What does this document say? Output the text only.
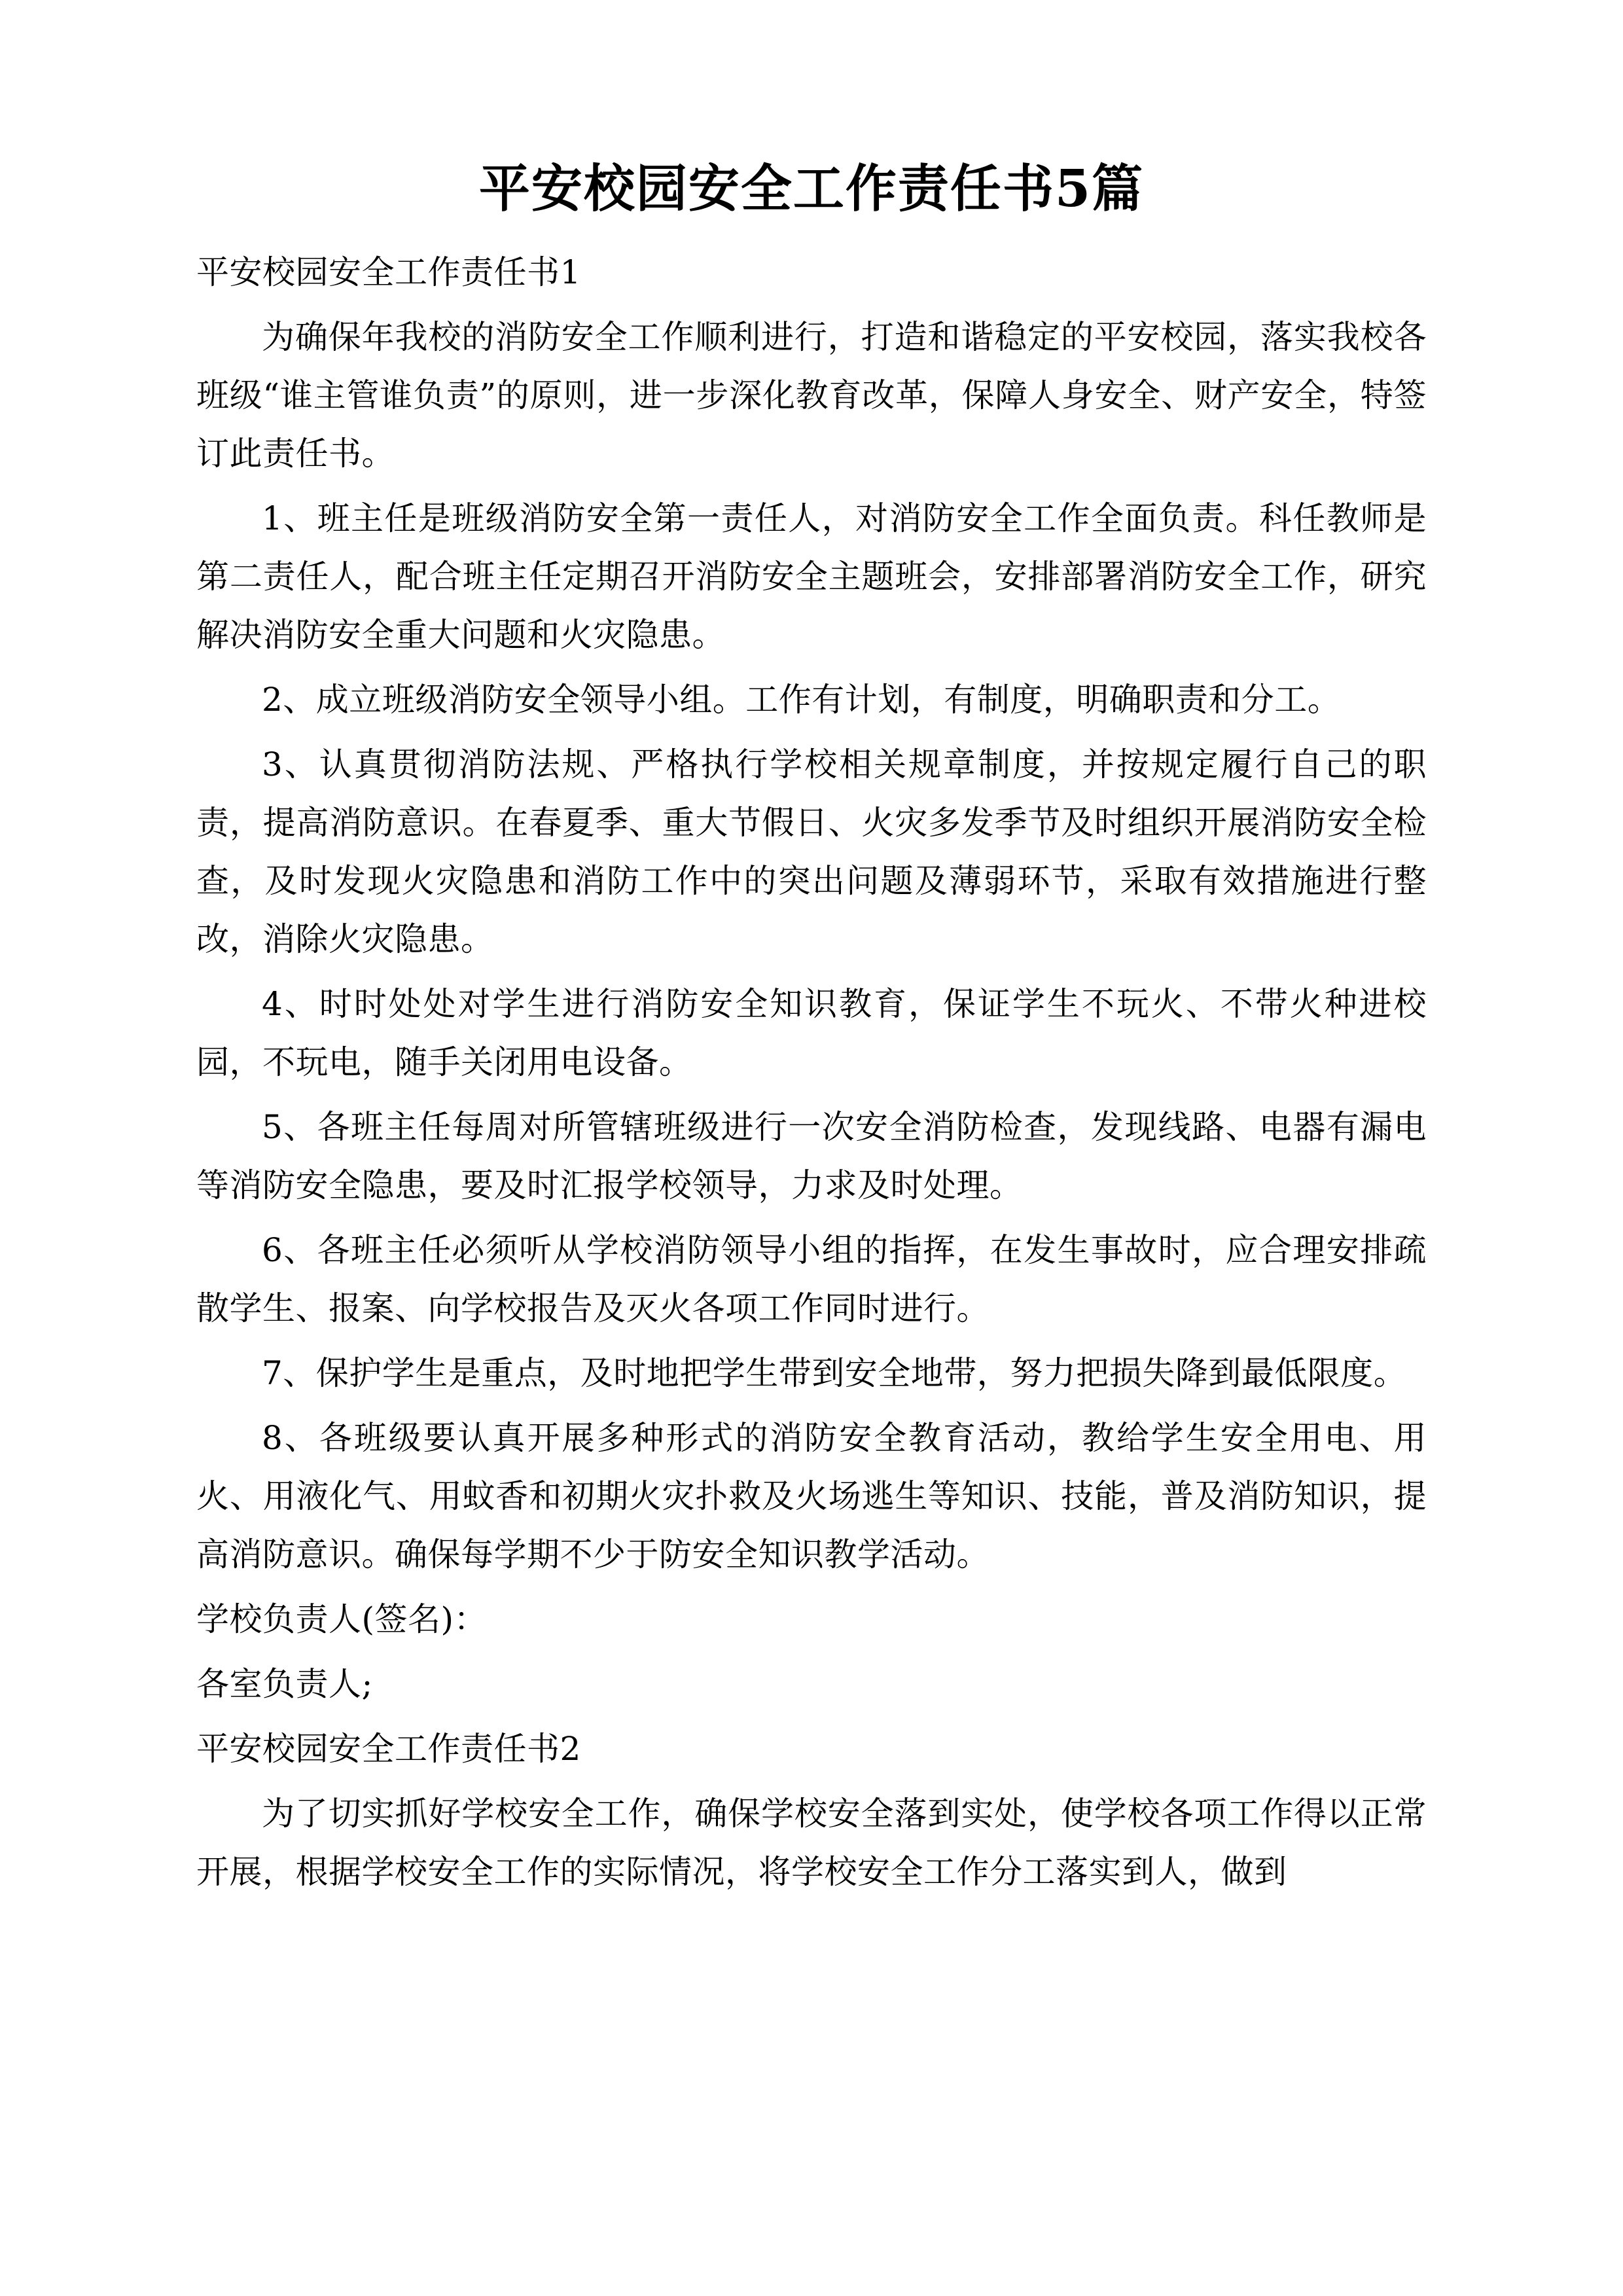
平安校园安全工作责任书5篇

平安校园安全工作责任书1

为确保年我校的消防安全工作顺利进行，打造和谐稳定的平安校园，落实我校各班级“谁主管谁负责”的原则，进一步深化教育改革，保障人身安全、财产安全，特签订此责任书。

1、班主任是班级消防安全第一责任人，对消防安全工作全面负责。科任教师是第二责任人，配合班主任定期召开消防安全主题班会，安排部署消防安全工作，研究解决消防安全重大问题和火灾隐患。

2、成立班级消防安全领导小组。工作有计划，有制度，明确职责和分工。

3、认真贯彻消防法规、严格执行学校相关规章制度，并按规定履行自己的职责，提高消防意识。在春夏季、重大节假日、火灾多发季节及时组织开展消防安全检查，及时发现火灾隐患和消防工作中的突出问题及薄弱环节，采取有效措施进行整改，消除火灾隐患。

4、时时处处对学生进行消防安全知识教育，保证学生不玩火、不带火种进校园，不玩电，随手关闭用电设备。

5、各班主任每周对所管辖班级进行一次安全消防检查，发现线路、电器有漏电等消防安全隐患，要及时汇报学校领导，力求及时处理。

6、各班主任必须听从学校消防领导小组的指挥，在发生事故时，应合理安排疏散学生、报案、向学校报告及灭火各项工作同时进行。

7、保护学生是重点，及时地把学生带到安全地带，努力把损失降到最低限度。

8、各班级要认真开展多种形式的消防安全教育活动，教给学生安全用电、用火、用液化气、用蚊香和初期火灾扑救及火场逃生等知识、技能，普及消防知识，提高消防意识。确保每学期不少于防安全知识教学活动。

学校负责人(签名)：

各室负责人;

平安校园安全工作责任书2

为了切实抓好学校安全工作，确保学校安全落到实处，使学校各项工作得以正常开展，根据学校安全工作的实际情况，将学校安全工作分工落实到人，做到
